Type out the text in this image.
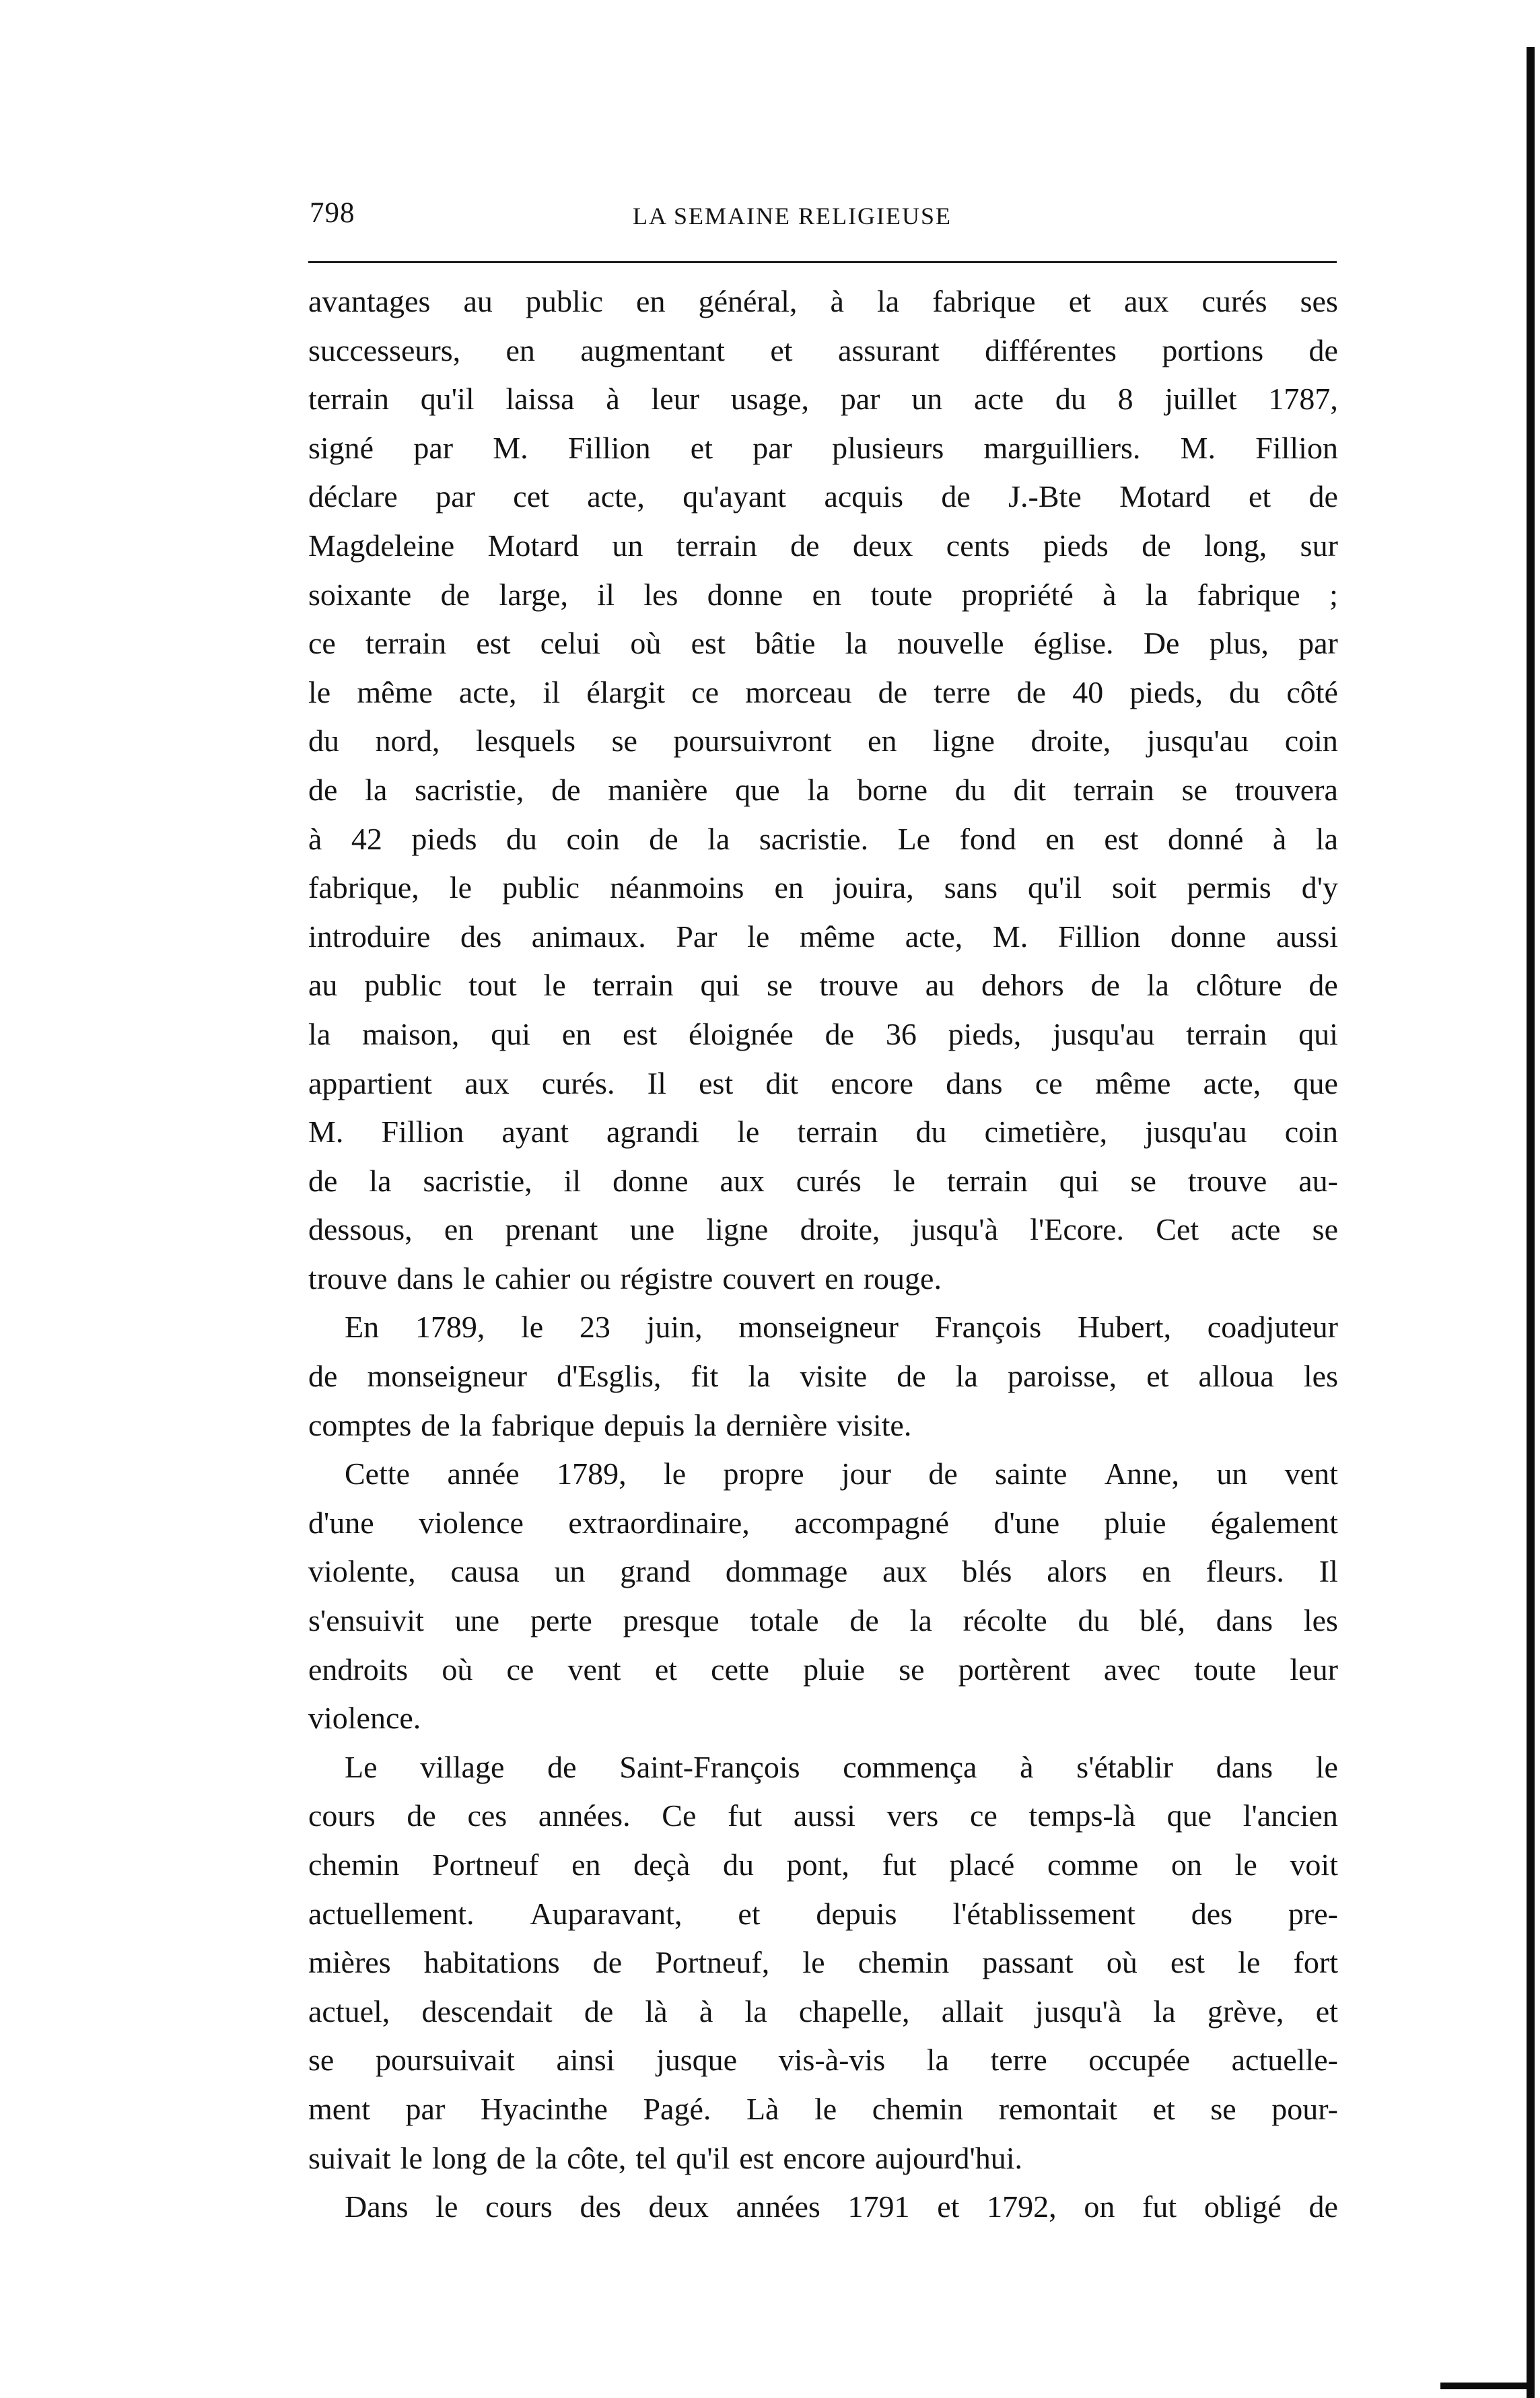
798	LA SEMAINE RELIGIEUSE
avantages au public en général, à la fabrique et aux curés ses
successeurs, en augmentant et assurant différentes portions de
terrain qu'il laissa à leur usage, par un acte du 8 juillet 1787,
signé par M. Fillion et par plusieurs marguilliers. M. Fillion
déclare par cet acte, qu'ayant acquis de J.-Bte Motard et de
Magdeleine Motard un terrain de deux cents pieds de long, sur
soixante de large, il les donne en toute propriété à la fabrique ;
ce terrain est celui où est bâtie la nouvelle église. De plus, par
le même acte, il élargit ce morceau de terre de 40 pieds, du côté
du nord, lesquels se poursuivront en ligne droite, jusqu'au coin
de la sacristie, de manière que la borne du dit terrain se trouvera
à 42 pieds du coin de la sacristie. Le fond en est donné à la
fabrique, le public néanmoins en jouira, sans qu'il soit permis d'y
introduire des animaux. Par le même acte, M. Fillion donne aussi
au public tout le terrain qui se trouve au dehors de la clôture de
la maison, qui en est éloignée de 36 pieds, jusqu'au terrain qui
appartient aux curés. Il est dit encore dans ce même acte, que
M. Fillion ayant agrandi le terrain du cimetière, jusqu'au coin
de la sacristie, il donne aux curés le terrain qui se trouve au-
dessous, en prenant une ligne droite, jusqu'à l'Ecore. Cet acte se
trouve dans le cahier ou régistre couvert en rouge.
En 1789, le 23 juin, monseigneur François Hubert, coadjuteur
de monseigneur d'Esglis, fit la visite de la paroisse, et alloua les
comptes de la fabrique depuis la dernière visite.
Cette année 1789, le propre jour de sainte Anne, un vent
d'une violence extraordinaire, accompagné d'une pluie également
violente, causa un grand dommage aux blés alors en fleurs. Il
s'ensuivit une perte presque totale de la récolte du blé, dans les
endroits où ce vent et cette pluie se portèrent avec toute leur
violence.
Le village de Saint-François commença à s'établir dans le
cours de ces années. Ce fut aussi vers ce temps-là que l'ancien
chemin Portneuf en deçà du pont, fut placé comme on le voit
actuellement. Auparavant, et depuis l'établissement des pre-
mières habitations de Portneuf, le chemin passant où est le fort
actuel, descendait de là à la chapelle, allait jusqu'à la grève, et
se poursuivait ainsi jusque vis-à-vis la terre occupée actuelle-
ment par Hyacinthe Pagé. Là le chemin remontait et se pour-
suivait le long de la côte, tel qu'il est encore aujourd'hui.
Dans le cours des deux années 1791 et 1792, on fut obligé de
